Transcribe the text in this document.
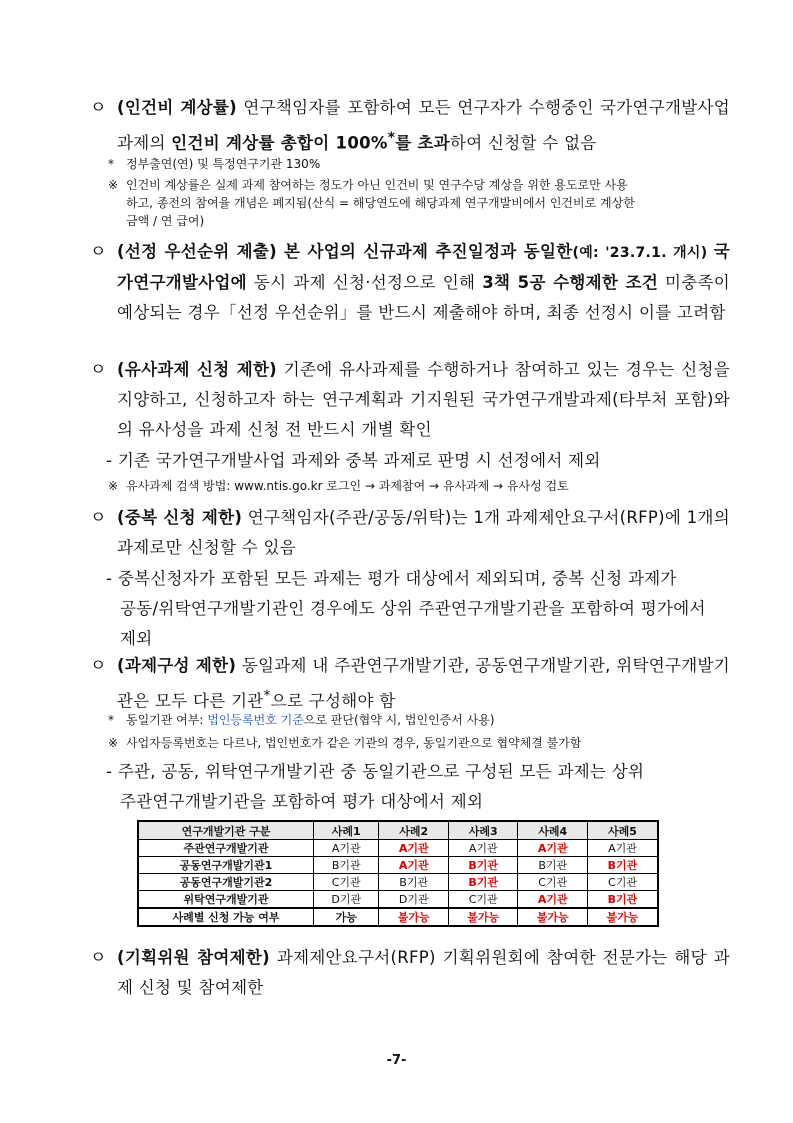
ㅇ (인건비 계상률) 연구책임자를 포함하여 모든 연구자가 수행중인 국가연구개발사업 과제의 인건비 계상률 총합이 100%*를 초과하여 신청할 수 없음
* 정부출연(연) 및 특정연구기관 130%
※ 인건비 계상률은 실제 과제 참여하는 정도가 아닌 인건비 및 연구수당 계상을 위한 용도로만 사용
하고, 종전의 참여율 개념은 폐지됨(산식 = 해당연도에 해당과제 연구개발비에서 인건비로 계상한
금액 / 연 급여)
ㅇ (선정 우선순위 제출) 본 사업의 신규과제 추진일정과 동일한(예: '23.7.1. 개시) 국가연구개발사업에 동시 과제 신청·선정으로 인해 3책 5공 수행제한 조건 미충족이 예상되는 경우「선정 우선순위」를 반드시 제출해야 하며, 최종 선정시 이를 고려함
ㅇ (유사과제 신청 제한) 기존에 유사과제를 수행하거나 참여하고 있는 경우는 신청을 지양하고, 신청하고자 하는 연구계획과 기지원된 국가연구개발과제(타부처 포함)와의 유사성을 과제 신청 전 반드시 개별 확인
- 기존 국가연구개발사업 과제와 중복 과제로 판명 시 선정에서 제외
※ 유사과제 검색 방법: www.ntis.go.kr 로그인 → 과제참여 → 유사과제 → 유사성 검토
ㅇ (중복 신청 제한) 연구책임자(주관/공동/위탁)는 1개 과제제안요구서(RFP)에 1개의 과제로만 신청할 수 있음
- 중복신청자가 포함된 모든 과제는 평가 대상에서 제외되며, 중복 신청 과제가
공동/위탁연구개발기관인 경우에도 상위 주관연구개발기관을 포함하여 평가에서
제외
ㅇ (과제구성 제한) 동일과제 내 주관연구개발기관, 공동연구개발기관, 위탁연구개발기관은 모두 다른 기관*으로 구성해야 함
* 동일기관 여부: 법인등록번호 기준으로 판단(협약 시, 법인인증서 사용)
※ 사업자등록번호는 다르나, 법인번호가 같은 기관의 경우, 동일기관으로 협약체결 불가함
- 주관, 공동, 위탁연구개발기관 중 동일기관으로 구성된 모든 과제는 상위
주관연구개발기관을 포함하여 평가 대상에서 제외
연구개발기관 구분	사례1	사례2	사례3	사례4	사례5
주관연구개발기관	A기관	A기관	A기관	A기관	A기관
공동연구개발기관1	B기관	A기관	B기관	B기관	B기관
공동연구개발기관2	C기관	B기관	B기관	C기관	C기관
위탁연구개발기관	D기관	D기관	C기관	A기관	B기관
사례별 신청 가능 여부	가능	불가능	불가능	불가능	불가능
ㅇ (기획위원 참여제한) 과제제안요구서(RFP) 기획위원회에 참여한 전문가는 해당 과제 신청 및 참여제한
-7-
